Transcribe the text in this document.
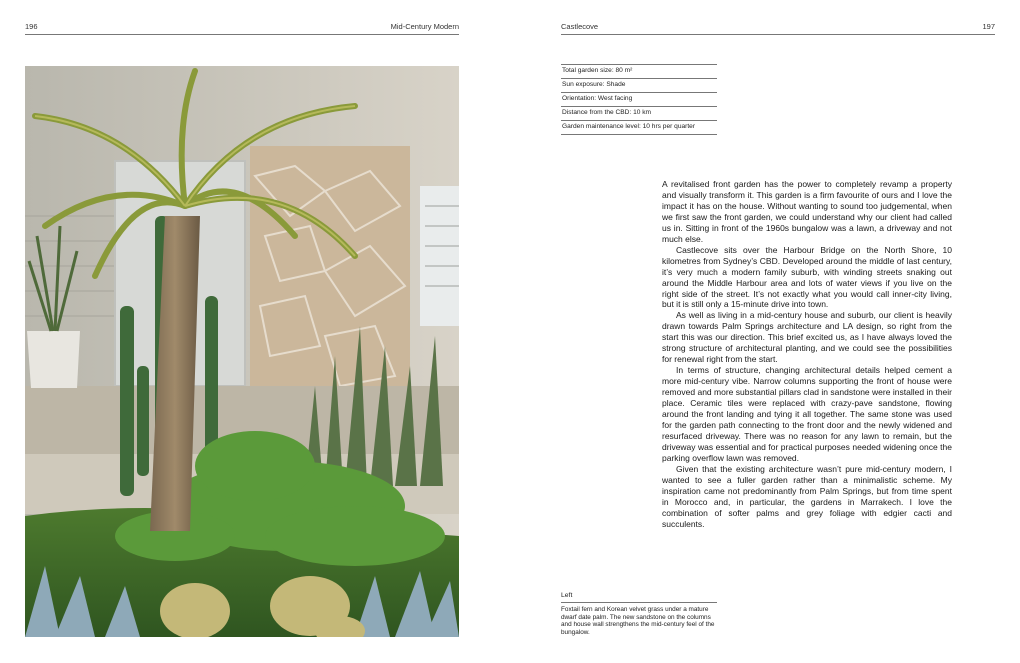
196	Mid-Century Modern	Castlecove	197
Total garden size: 80 m²
Sun exposure: Shade
Orientation: West facing
Distance from the CBD: 10 km
Garden maintenance level: 10 hrs per quarter

A revitalised front garden has the power to completely revamp a property and visually transform it. This garden is a firm favourite of ours and I love the impact it has on the house. Without wanting to sound too judgemental, when we first saw the front garden, we could understand why our client had called us in. Sitting in front of the 1960s bungalow was a lawn, a driveway and not much else.

Castlecove sits over the Harbour Bridge on the North Shore, 10 kilometres from Sydney’s CBD. Developed around the middle of last century, it’s very much a modern family suburb, with winding streets snaking out around the Middle Harbour area and lots of water views if you live on the right side of the street. It’s not exactly what you would call inner-city living, but it is still only a 15-minute drive into town.

As well as living in a mid-century house and suburb, our client is heavily drawn towards Palm Springs architecture and LA design, so right from the start this was our direction. This brief excited us, as I have always loved the strong structure of architectural planting, and we could see the possibilities for renewal right from the start.

In terms of structure, changing architectural details helped cement a more mid-century vibe. Narrow columns supporting the front of house were removed and more substantial pillars clad in sandstone were installed in their place. Ceramic tiles were replaced with crazy-pave sandstone, flowing around the front landing and tying it all together. The same stone was used for the garden path connecting to the front door and the newly widened and resurfaced driveway. There was no reason for any lawn to remain, but the driveway was essential and for practical purposes needed widening once the parking overflow lawn was removed.

Given that the existing architecture wasn’t pure mid-century modern, I wanted to see a fuller garden rather than a minimalistic scheme. My inspiration came not predominantly from Palm Springs, but from time spent in Morocco and, in particular, the gardens in Marrakech. I love the combination of softer palms and grey foliage with edgier cacti and succulents.

Left
Foxtail fern and Korean velvet grass under a mature dwarf date palm. The new sandstone on the columns and house wall strengthens the mid-century feel of the bungalow.
